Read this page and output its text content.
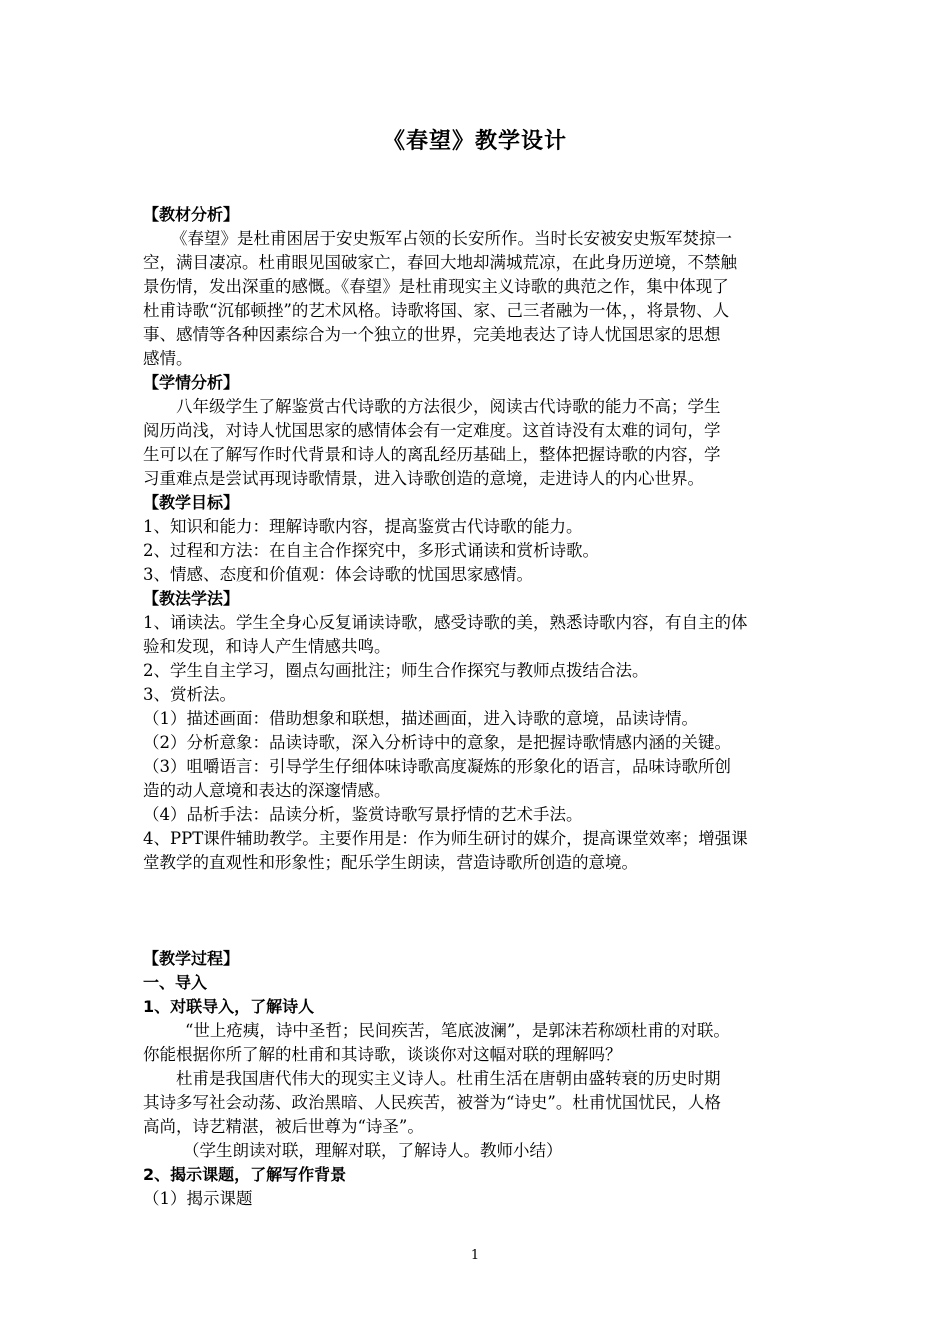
《春望》教学设计
【教材分析】
《春望》是杜甫困居于安史叛军占领的长安所作。当时长安被安史叛军焚掠一
空，满目凄凉。杜甫眼见国破家亡，春回大地却满城荒凉，在此身历逆境，不禁触
景伤情，发出深重的感慨。《春望》是杜甫现实主义诗歌的典范之作，集中体现了
杜甫诗歌“沉郁顿挫”的艺术风格。诗歌将国、家、己三者融为一体，，将景物、人
事、感情等各种因素综合为一个独立的世界，完美地表达了诗人忧国思家的思想
感情。
【学情分析】
八年级学生了解鉴赏古代诗歌的方法很少，阅读古代诗歌的能力不高；学生
阅历尚浅，对诗人忧国思家的感情体会有一定难度。这首诗没有太难的词句，学
生可以在了解写作时代背景和诗人的离乱经历基础上，整体把握诗歌的内容，学
习重难点是尝试再现诗歌情景，进入诗歌创造的意境，走进诗人的内心世界。
【教学目标】
1、知识和能力：理解诗歌内容，提高鉴赏古代诗歌的能力。
2、过程和方法：在自主合作探究中，多形式诵读和赏析诗歌。
3、情感、态度和价值观：体会诗歌的忧国思家感情。
【教法学法】
1、诵读法。学生全身心反复诵读诗歌，感受诗歌的美，熟悉诗歌内容，有自主的体
验和发现，和诗人产生情感共鸣。
2、学生自主学习，圈点勾画批注；师生合作探究与教师点拨结合法。
3、赏析法。
（1）描述画面：借助想象和联想，描述画面，进入诗歌的意境，品读诗情。
（2）分析意象：品读诗歌，深入分析诗中的意象，是把握诗歌情感内涵的关键。
（3）咀嚼语言：引导学生仔细体味诗歌高度凝炼的形象化的语言，品味诗歌所创
造的动人意境和表达的深邃情感。
（4）品析手法：品读分析，鉴赏诗歌写景抒情的艺术手法。
4、PPT课件辅助教学。主要作用是：作为师生研讨的媒介，提高课堂效率；增强课
堂教学的直观性和形象性；配乐学生朗读，营造诗歌所创造的意境。
【教学过程】
一、导入
1、对联导入，了解诗人
“世上疮痍，诗中圣哲；民间疾苦，笔底波澜”，是郭沫若称颂杜甫的对联。
你能根据你所了解的杜甫和其诗歌，谈谈你对这幅对联的理解吗？
杜甫是我国唐代伟大的现实主义诗人。杜甫生活在唐朝由盛转衰的历史时期
其诗多写社会动荡、政治黑暗、人民疾苦，被誉为“诗史”。杜甫忧国忧民，人格
高尚，诗艺精湛，被后世尊为“诗圣”。
（学生朗读对联，理解对联，了解诗人。教师小结）
2、揭示课题，了解写作背景
（1）揭示课题
1
